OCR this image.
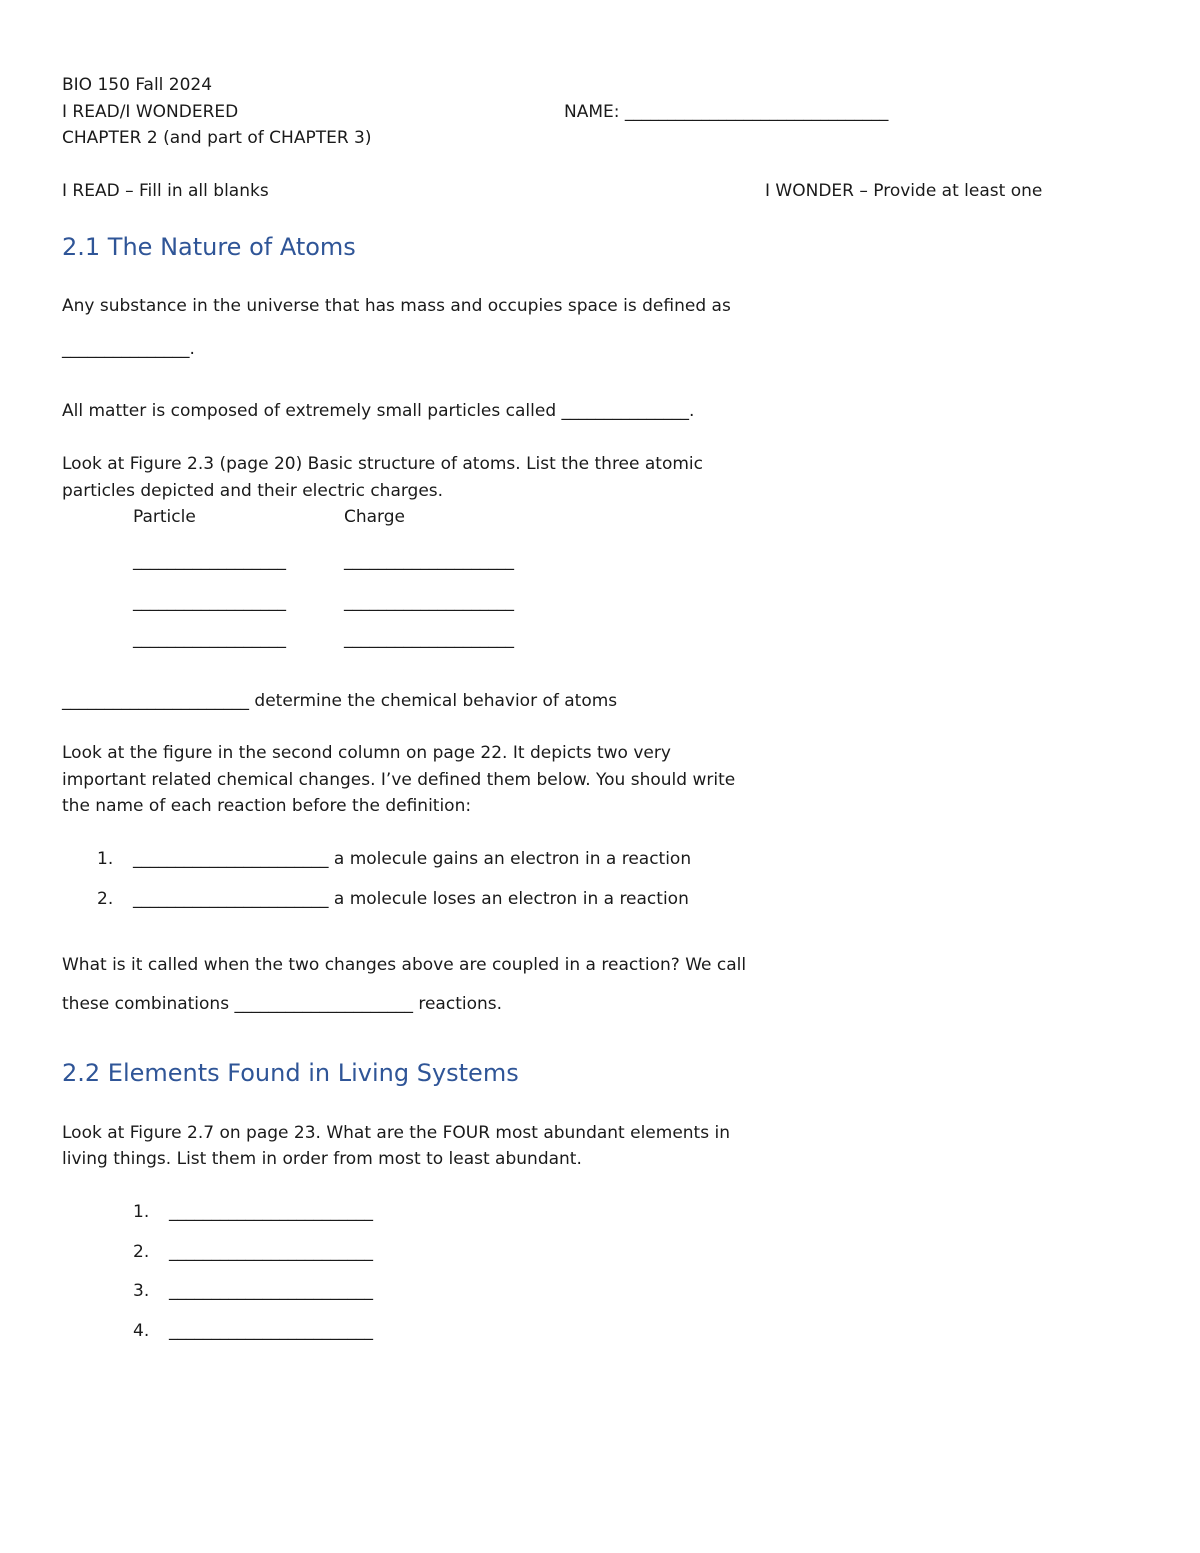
BIO 150 Fall 2024
I READ/I WONDERED	NAME: _______________________________
CHAPTER 2 (and part of CHAPTER 3)
I READ – Fill in all blanks	I WONDER – Provide at least one
2.1 The Nature of Atoms
Any substance in the universe that has mass and occupies space is defined as
_______________.
All matter is composed of extremely small particles called _______________.
Look at Figure 2.3 (page 20) Basic structure of atoms. List the three atomic
particles depicted and their electric charges.
Particle	Charge
__________________	____________________
__________________	____________________
__________________	____________________
______________________ determine the chemical behavior of atoms
Look at the figure in the second column on page 22. It depicts two very
important related chemical changes. I’ve defined them below. You should write
the name of each reaction before the definition:
1. _______________________ a molecule gains an electron in a reaction
2. _______________________ a molecule loses an electron in a reaction
What is it called when the two changes above are coupled in a reaction? We call
these combinations _____________________ reactions.
2.2 Elements Found in Living Systems
Look at Figure 2.7 on page 23. What are the FOUR most abundant elements in
living things. List them in order from most to least abundant.
1. ________________________
2. ________________________
3. ________________________
4. ________________________
